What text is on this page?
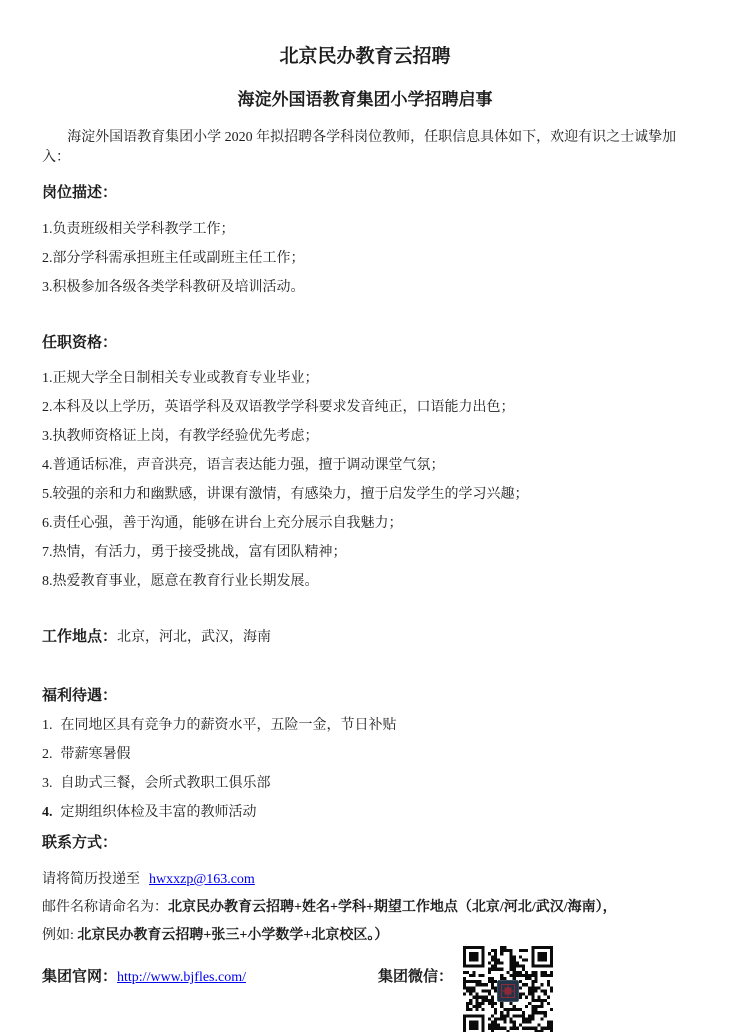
北京民办教育云招聘
海淀外国语教育集团小学招聘启事

海淀外国语教育集团小学 2020 年拟招聘各学科岗位教师，任职信息具体如下，欢迎有识之士诚挚加入：

岗位描述：

1.负责班级相关学科教学工作；

2.部分学科需承担班主任或副班主任工作；

3.积极参加各级各类学科教研及培训活动。

任职资格：

1.正规大学全日制相关专业或教育专业毕业；

2.本科及以上学历，英语学科及双语教学学科要求发音纯正，口语能力出色；

3.执教师资格证上岗，有教学经验优先考虑；

4.普通话标准，声音洪亮，语言表达能力强，擅于调动课堂气氛；

5.较强的亲和力和幽默感，讲课有激情，有感染力，擅于启发学生的学习兴趣；

6.责任心强，善于沟通，能够在讲台上充分展示自我魅力；

7.热情，有活力，勇于接受挑战，富有团队精神；

8.热爱教育事业，愿意在教育行业长期发展。

工作地点：北京，河北，武汉，海南

福利待遇：

1. 在同地区具有竞争力的薪资水平，五险一金，节日补贴

2. 带薪寒暑假

3. 自助式三餐，会所式教职工俱乐部

4. 定期组织体检及丰富的教师活动

联系方式：

请将简历投递至 hwxxzp@163.com

邮件名称请命名为：北京民办教育云招聘+姓名+学科+期望工作地点（北京/河北/武汉/海南），

例如: 北京民办教育云招聘+张三+小学数学+北京校区。）

集团官网：http://www.bjfles.com/	集团微信：
